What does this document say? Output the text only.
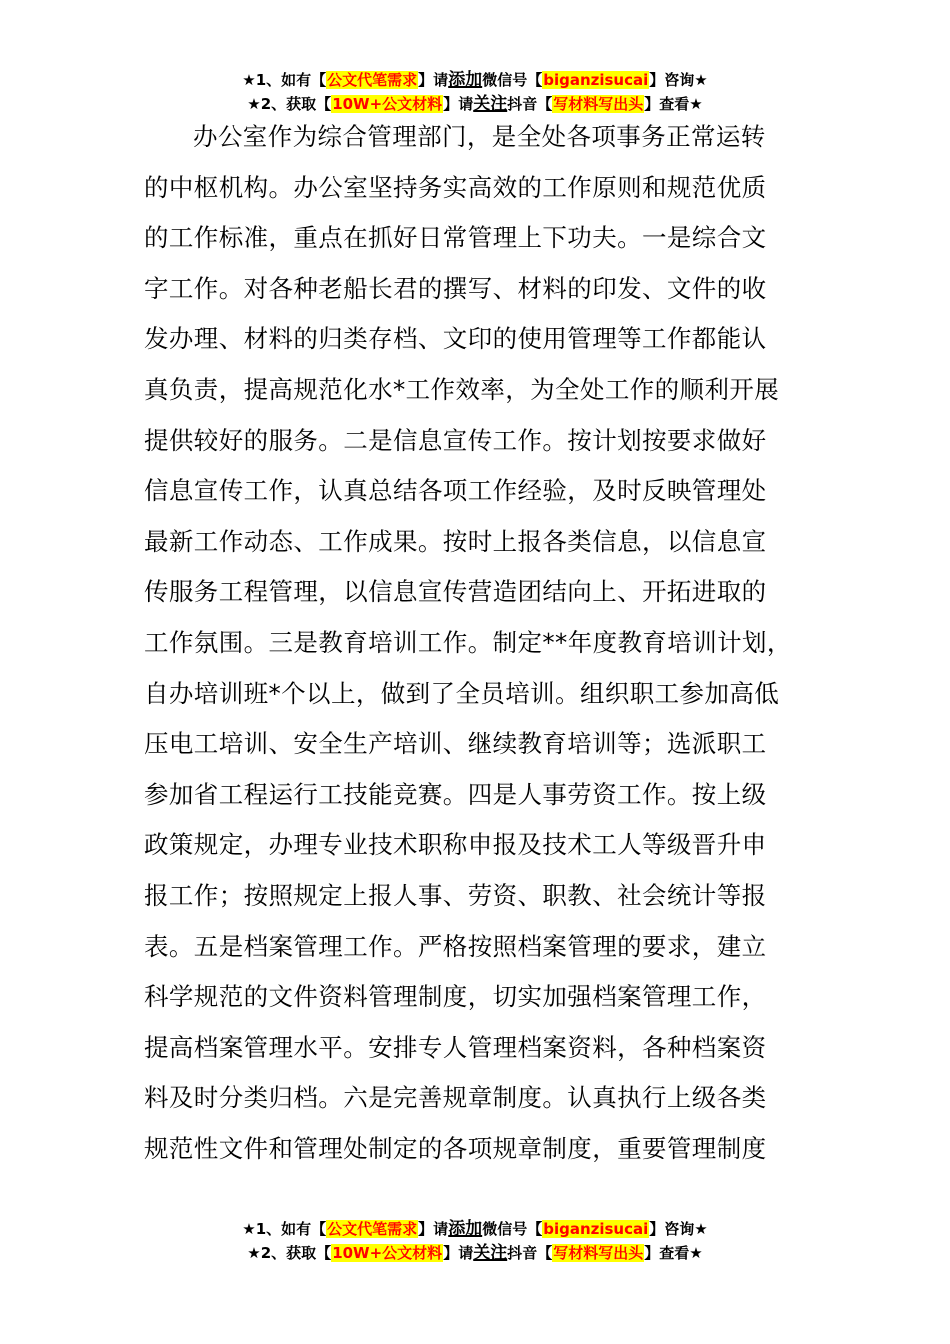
★1、如有【公文代笔需求】请添加微信号【biganzisucai】咨询★
★2、获取【10W+公文材料】请关注抖音【写材料写出头】查看★
办公室作为综合管理部门，是全处各项事务正常运转
的中枢机构。办公室坚持务实高效的工作原则和规范优质
的工作标准，重点在抓好日常管理上下功夫。一是综合文
字工作。对各种老船长君的撰写、材料的印发、文件的收
发办理、材料的归类存档、文印的使用管理等工作都能认
真负责，提高规范化水*工作效率，为全处工作的顺利开展
提供较好的服务。二是信息宣传工作。按计划按要求做好
信息宣传工作，认真总结各项工作经验，及时反映管理处
最新工作动态、工作成果。按时上报各类信息，以信息宣
传服务工程管理，以信息宣传营造团结向上、开拓进取的
工作氛围。三是教育培训工作。制定**年度教育培训计划，
自办培训班*个以上，做到了全员培训。组织职工参加高低
压电工培训、安全生产培训、继续教育培训等；选派职工
参加省工程运行工技能竞赛。四是人事劳资工作。按上级
政策规定，办理专业技术职称申报及技术工人等级晋升申
报工作；按照规定上报人事、劳资、职教、社会统计等报
表。五是档案管理工作。严格按照档案管理的要求，建立
科学规范的文件资料管理制度，切实加强档案管理工作，
提高档案管理水平。安排专人管理档案资料，各种档案资
料及时分类归档。六是完善规章制度。认真执行上级各类
规范性文件和管理处制定的各项规章制度，重要管理制度
★1、如有【公文代笔需求】请添加微信号【biganzisucai】咨询★
★2、获取【10W+公文材料】请关注抖音【写材料写出头】查看★
